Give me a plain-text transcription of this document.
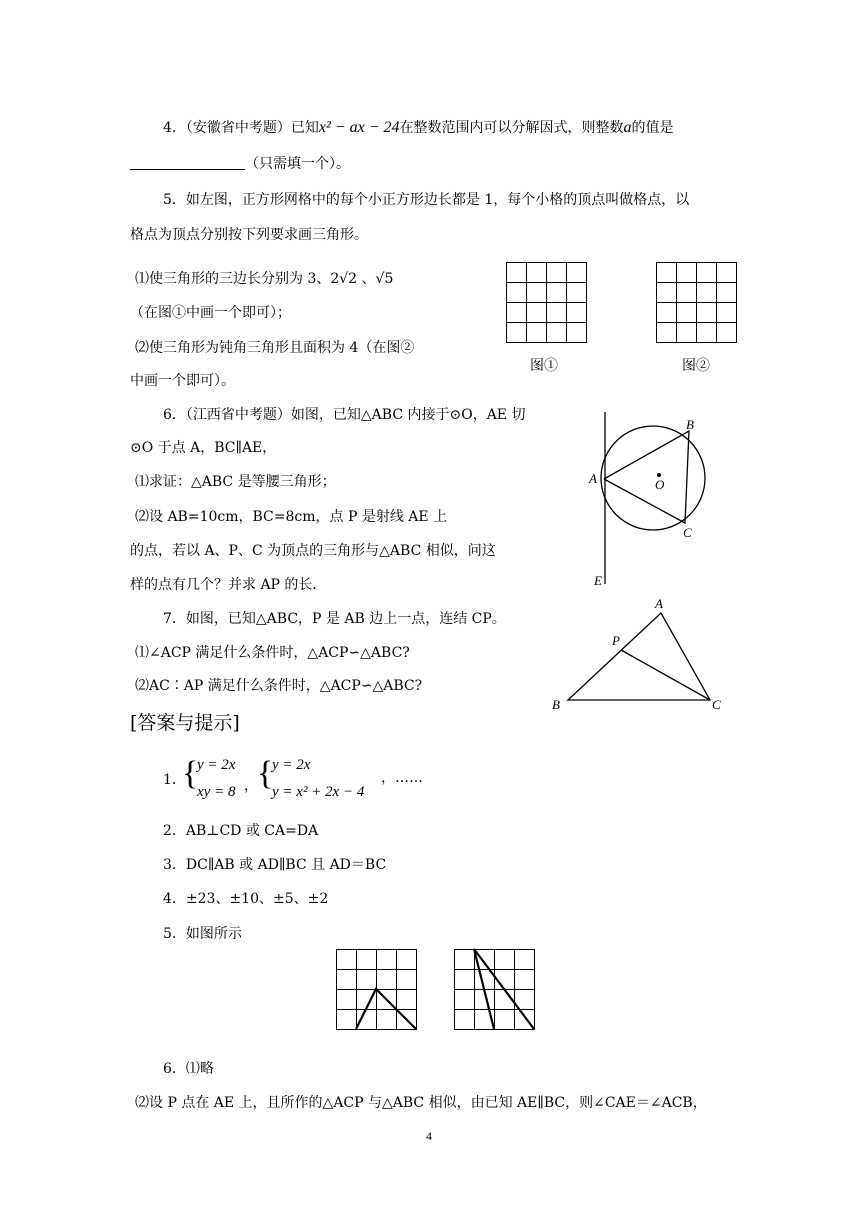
4．（安徽省中考题）已知x² − ax − 24在整数范围内可以分解因式，则整数a的值是
（只需填一个）。
5．如左图，正方形网格中的每个小正方形边长都是 1，每个小格的顶点叫做格点，以
格点为顶点分别按下列要求画三角形。
⑴使三角形的三边长分别为 3、2√2 、√5
（在图①中画一个即可）；
⑵使三角形为钝角三角形且面积为 4（在图②
中画一个即可）。
图①	图②
6．（江西省中考题）如图，已知△ABC 内接于⊙O，AE 切
⊙O 于点 A，BC∥AE，
⑴求证：△ABC 是等腰三角形；
⑵设 AB=10cm，BC=8cm，点 P 是射线 AE 上
的点，若以 A、P、C 为顶点的三角形与△ABC 相似，问这
样的点有几个？并求 AP 的长．
B
A	O
C
E
7．如图，已知△ABC，P 是 AB 边上一点，连结 CP。
⑴∠ACP 满足什么条件时，△ACP∽△ABC?
⑵AC∶AP 满足什么条件时，△ACP∽△ABC?
A
P
B	C
[答案与提示]
1．
{
y = 2x
xy = 8 ， {
y = 2x
y = x² + 2x − 4
，……
2．AB⊥CD 或 CA=DA
3．DC∥AB 或 AD∥BC 且 AD＝BC
4．±23、±10、±5、±2
5．如图所示
6．⑴略
⑵设 P 点在 AE 上，且所作的△ACP 与△ABC 相似，由已知 AE∥BC，则∠CAE＝∠ACB，
4
